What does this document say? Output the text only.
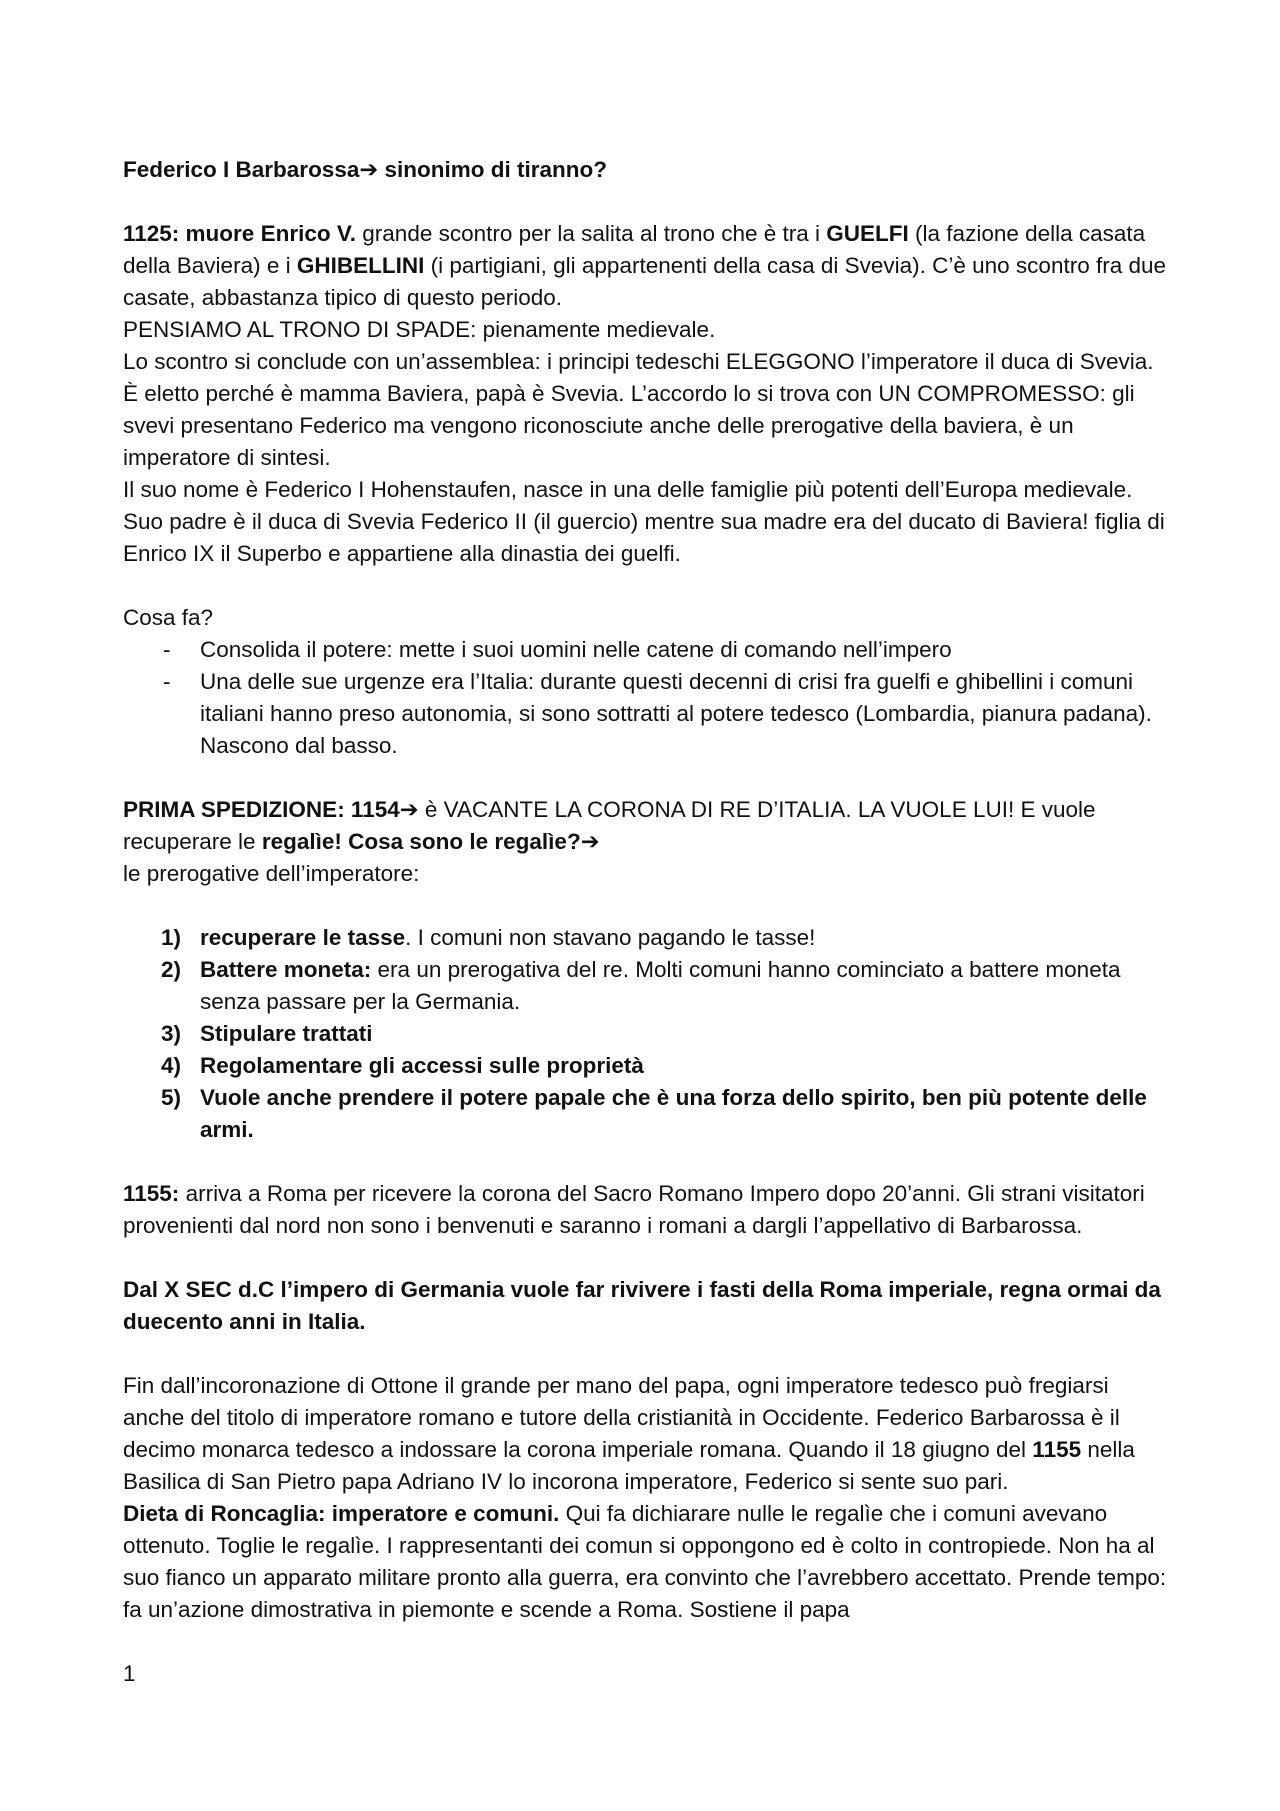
Federico I Barbarossa➔ sinonimo di tiranno?

1125: muore Enrico V. grande scontro per la salita al trono che è tra i GUELFI (la fazione della casata della Baviera) e i GHIBELLINI (i partigiani, gli appartenenti della casa di Svevia). C’è uno scontro fra due casate, abbastanza tipico di questo periodo.

PENSIAMO AL TRONO DI SPADE: pienamente medievale.

Lo scontro si conclude con un’assemblea: i principi tedeschi ELEGGONO l’imperatore il duca di Svevia. È eletto perché è mamma Baviera, papà è Svevia. L’accordo lo si trova con UN COMPROMESSO: gli svevi presentano Federico ma vengono riconosciute anche delle prerogative della baviera, è un imperatore di sintesi.

Il suo nome è Federico I Hohenstaufen, nasce in una delle famiglie più potenti dell’Europa medievale. Suo padre è il duca di Svevia Federico II (il guercio) mentre sua madre era del ducato di Baviera! figlia di Enrico IX il Superbo e appartiene alla dinastia dei guelfi.

Cosa fa?

- Consolida il potere: mette i suoi uomini nelle catene di comando nell’impero
- Una delle sue urgenze era l’Italia: durante questi decenni di crisi fra guelfi e ghibellini i comuni italiani hanno preso autonomia, si sono sottratti al potere tedesco (Lombardia, pianura padana). Nascono dal basso.

PRIMA SPEDIZIONE: 1154➔ è VACANTE LA CORONA DI RE D’ITALIA. LA VUOLE LUI! E vuole recuperare le regalìe! Cosa sono le regalìe?➔

le prerogative dell’imperatore:

1) recuperare le tasse. I comuni non stavano pagando le tasse!
2) Battere moneta: era un prerogativa del re. Molti comuni hanno cominciato a battere moneta senza passare per la Germania.
3) Stipulare trattati
4) Regolamentare gli accessi sulle proprietà
5) Vuole anche prendere il potere papale che è una forza dello spirito, ben più potente delle armi.

1155: arriva a Roma per ricevere la corona del Sacro Romano Impero dopo 20’anni. Gli strani visitatori provenienti dal nord non sono i benvenuti e saranno i romani a dargli l’appellativo di Barbarossa.

Dal X SEC d.C l’impero di Germania vuole far rivivere i fasti della Roma imperiale, regna ormai da duecento anni in Italia.

Fin dall’incoronazione di Ottone il grande per mano del papa, ogni imperatore tedesco può fregiarsi anche del titolo di imperatore romano e tutore della cristianità in Occidente. Federico Barbarossa è il decimo monarca tedesco a indossare la corona imperiale romana. Quando il 18 giugno del 1155 nella Basilica di San Pietro papa Adriano IV lo incorona imperatore, Federico si sente suo pari.

Dieta di Roncaglia: imperatore e comuni. Qui fa dichiarare nulle le regalìe che i comuni avevano ottenuto. Toglie le regalìe. I rappresentanti dei comun si oppongono ed è colto in contropiede. Non ha al suo fianco un apparato militare pronto alla guerra, era convinto che l’avrebbero accettato. Prende tempo: fa un’azione dimostrativa in piemonte e scende a Roma. Sostiene il papa

1
